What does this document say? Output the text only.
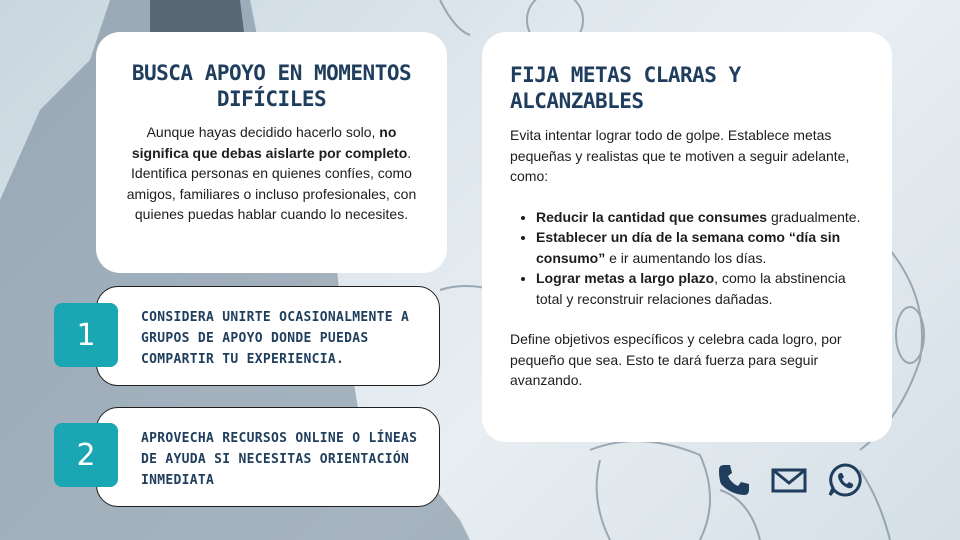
BUSCA APOYO EN MOMENTOS DIFÍCILES

Aunque hayas decidido hacerlo solo, no significa que debas aislarte por completo. Identifica personas en quienes confíes, como amigos, familiares o incluso profesionales, con quienes puedas hablar cuando lo necesites.

CONSIDERA UNIRTE OCASIONALMENTE A GRUPOS DE APOYO DONDE PUEDAS COMPARTIR TU EXPERIENCIA.
1
APROVECHA RECURSOS ONLINE O LÍNEAS DE AYUDA SI NECESITAS ORIENTACIÓN INMEDIATA
2
FIJA METAS CLARAS Y ALCANZABLES

Evita intentar lograr todo de golpe. Establece metas pequeñas y realistas que te motiven a seguir adelante, como:

• Reducir la cantidad que consumes gradualmente.
• Establecer un día de la semana como “día sin consumo” e ir aumentando los días.
• Lograr metas a largo plazo, como la abstinencia total y reconstruir relaciones dañadas.

Define objetivos específicos y celebra cada logro, por pequeño que sea. Esto te dará fuerza para seguir avanzando.
